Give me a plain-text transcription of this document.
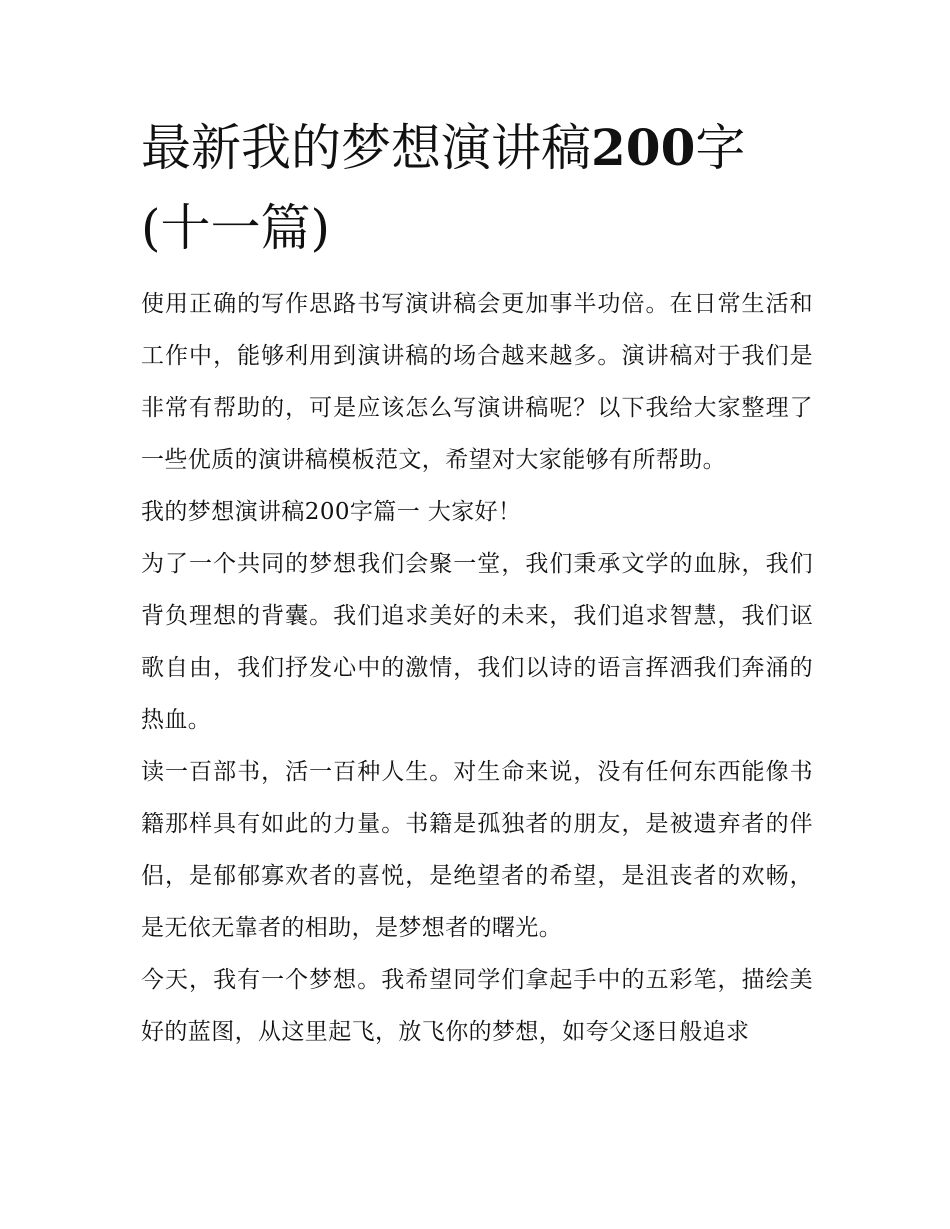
最新我的梦想演讲稿200字(十一篇)

使用正确的写作思路书写演讲稿会更加事半功倍。在日常生活和工作中，能够利用到演讲稿的场合越来越多。演讲稿对于我们是非常有帮助的，可是应该怎么写演讲稿呢？以下我给大家整理了一些优质的演讲稿模板范文，希望对大家能够有所帮助。

我的梦想演讲稿200字篇一 大家好！

为了一个共同的梦想我们会聚一堂，我们秉承文学的血脉，我们背负理想的背囊。我们追求美好的未来，我们追求智慧，我们讴歌自由，我们抒发心中的激情，我们以诗的语言挥洒我们奔涌的热血。

读一百部书，活一百种人生。对生命来说，没有任何东西能像书籍那样具有如此的力量。书籍是孤独者的朋友，是被遗弃者的伴侣，是郁郁寡欢者的喜悦，是绝望者的希望，是沮丧者的欢畅，是无依无靠者的相助，是梦想者的曙光。

今天，我有一个梦想。我希望同学们拿起手中的五彩笔，描绘美好的蓝图，从这里起飞，放飞你的梦想，如夸父逐日般追求
